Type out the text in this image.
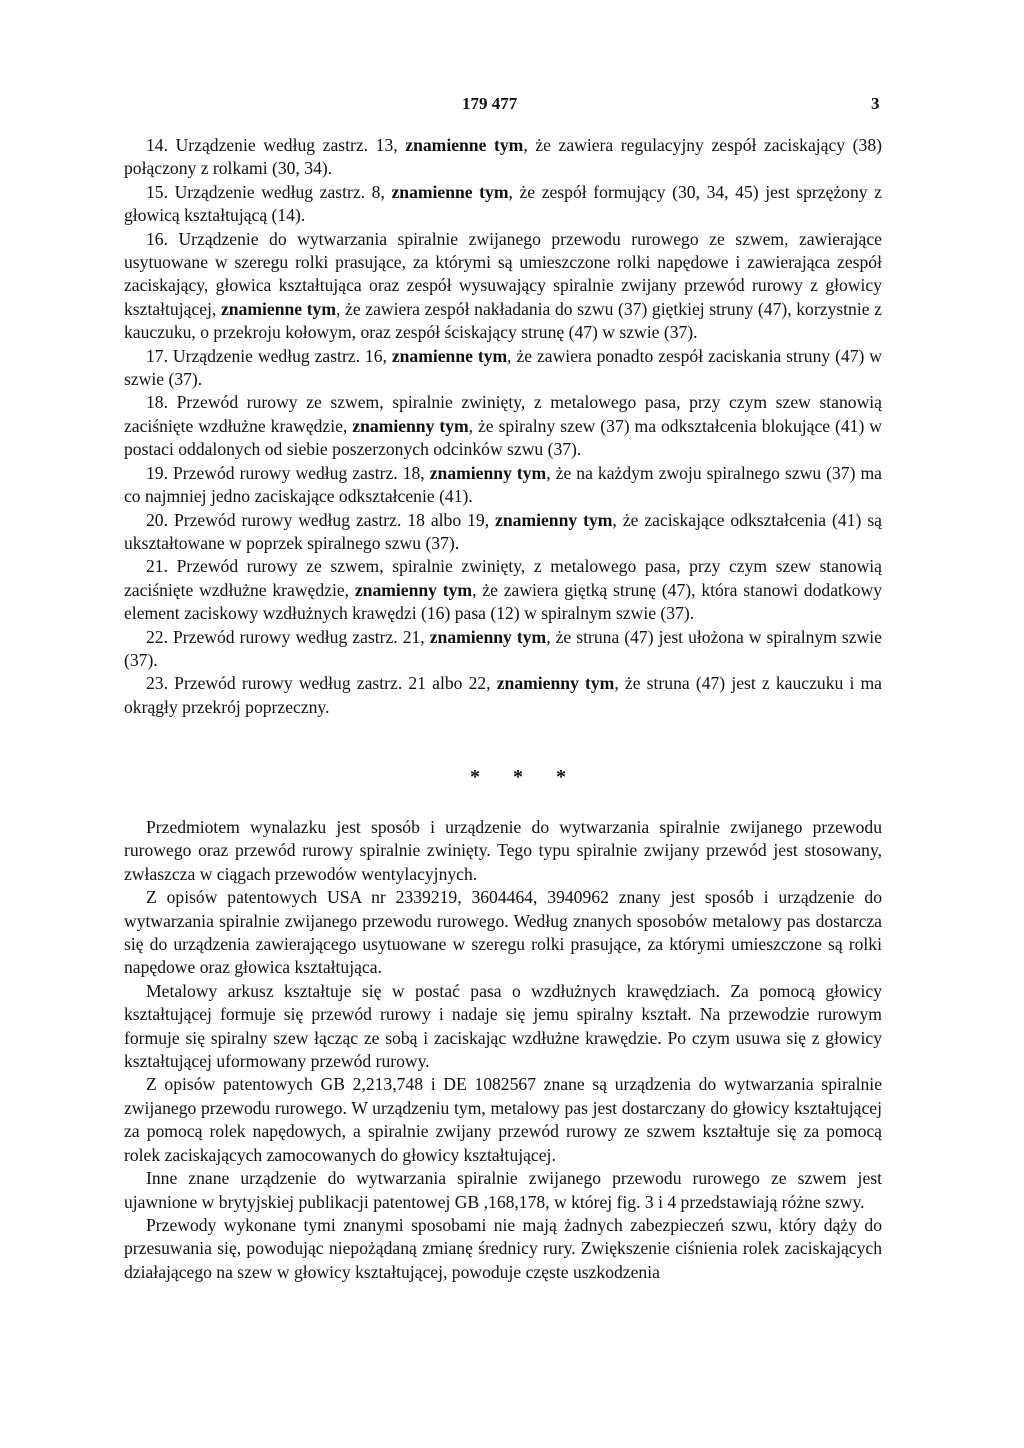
179 477	3

14. Urządzenie według zastrz. 13, znamienne tym, że zawiera regulacyjny zespół zaciskający (38) połączony z rolkami (30, 34).

15. Urządzenie według zastrz. 8, znamienne tym, że zespół formujący (30, 34, 45) jest sprzężony z głowicą kształtującą (14).

16. Urządzenie do wytwarzania spiralnie zwijanego przewodu rurowego ze szwem, zawierające usytuowane w szeregu rolki prasujące, za którymi są umieszczone rolki napędowe i zawierająca zespół zaciskający, głowica kształtująca oraz zespół wysuwający spiralnie zwijany przewód rurowy z głowicy kształtującej, znamienne tym, że zawiera zespół nakładania do szwu (37) giętkiej struny (47), korzystnie z kauczuku, o przekroju kołowym, oraz zespół ściskający strunę (47) w szwie (37).

17. Urządzenie według zastrz. 16, znamienne tym, że zawiera ponadto zespół zaciskania struny (47) w szwie (37).

18. Przewód rurowy ze szwem, spiralnie zwinięty, z metalowego pasa, przy czym szew stanowią zaciśnięte wzdłużne krawędzie, znamienny tym, że spiralny szew (37) ma odkształcenia blokujące (41) w postaci oddalonych od siebie poszerzonych odcinków szwu (37).

19. Przewód rurowy według zastrz. 18, znamienny tym, że na każdym zwoju spiralnego szwu (37) ma co najmniej jedno zaciskające odkształcenie (41).

20. Przewód rurowy według zastrz. 18 albo 19, znamienny tym, że zaciskające odkształcenia (41) są ukształtowane w poprzek spiralnego szwu (37).

21. Przewód rurowy ze szwem, spiralnie zwinięty, z metalowego pasa, przy czym szew stanowią zaciśnięte wzdłużne krawędzie, znamienny tym, że zawiera giętką strunę (47), która stanowi dodatkowy element zaciskowy wzdłużnych krawędzi (16) pasa (12) w spiralnym szwie (37).

22. Przewód rurowy według zastrz. 21, znamienny tym, że struna (47) jest ułożona w spiralnym szwie (37).

23. Przewód rurowy według zastrz. 21 albo 22, znamienny tym, że struna (47) jest z kauczuku i ma okrągły przekrój poprzeczny.

* * *

Przedmiotem wynalazku jest sposób i urządzenie do wytwarzania spiralnie zwijanego przewodu rurowego oraz przewód rurowy spiralnie zwinięty. Tego typu spiralnie zwijany przewód jest stosowany, zwłaszcza w ciągach przewodów wentylacyjnych.

Z opisów patentowych USA nr 2339219, 3604464, 3940962 znany jest sposób i urządzenie do wytwarzania spiralnie zwijanego przewodu rurowego. Według znanych sposobów metalowy pas dostarcza się do urządzenia zawierającego usytuowane w szeregu rolki prasujące, za którymi umieszczone są rolki napędowe oraz głowica kształtująca.

Metalowy arkusz kształtuje się w postać pasa o wzdłużnych krawędziach. Za pomocą głowicy kształtującej formuje się przewód rurowy i nadaje się jemu spiralny kształt. Na przewodzie rurowym formuje się spiralny szew łącząc ze sobą i zaciskając wzdłużne krawędzie. Po czym usuwa się z głowicy kształtującej uformowany przewód rurowy.

Z opisów patentowych GB 2,213,748 i DE 1082567 znane są urządzenia do wytwarzania spiralnie zwijanego przewodu rurowego. W urządzeniu tym, metalowy pas jest dostarczany do głowicy kształtującej za pomocą rolek napędowych, a spiralnie zwijany przewód rurowy ze szwem kształtuje się za pomocą rolek zaciskających zamocowanych do głowicy kształtującej.

Inne znane urządzenie do wytwarzania spiralnie zwijanego przewodu rurowego ze szwem jest ujawnione w brytyjskiej publikacji patentowej GB ,168,178, w której fig. 3 i 4 przedstawiają różne szwy.

Przewody wykonane tymi znanymi sposobami nie mają żadnych zabezpieczeń szwu, który dąży do przesuwania się, powodując niepożądaną zmianę średnicy rury. Zwiększenie ciśnienia rolek zaciskających działającego na szew w głowicy kształtującej, powoduje częste uszkodzenia
